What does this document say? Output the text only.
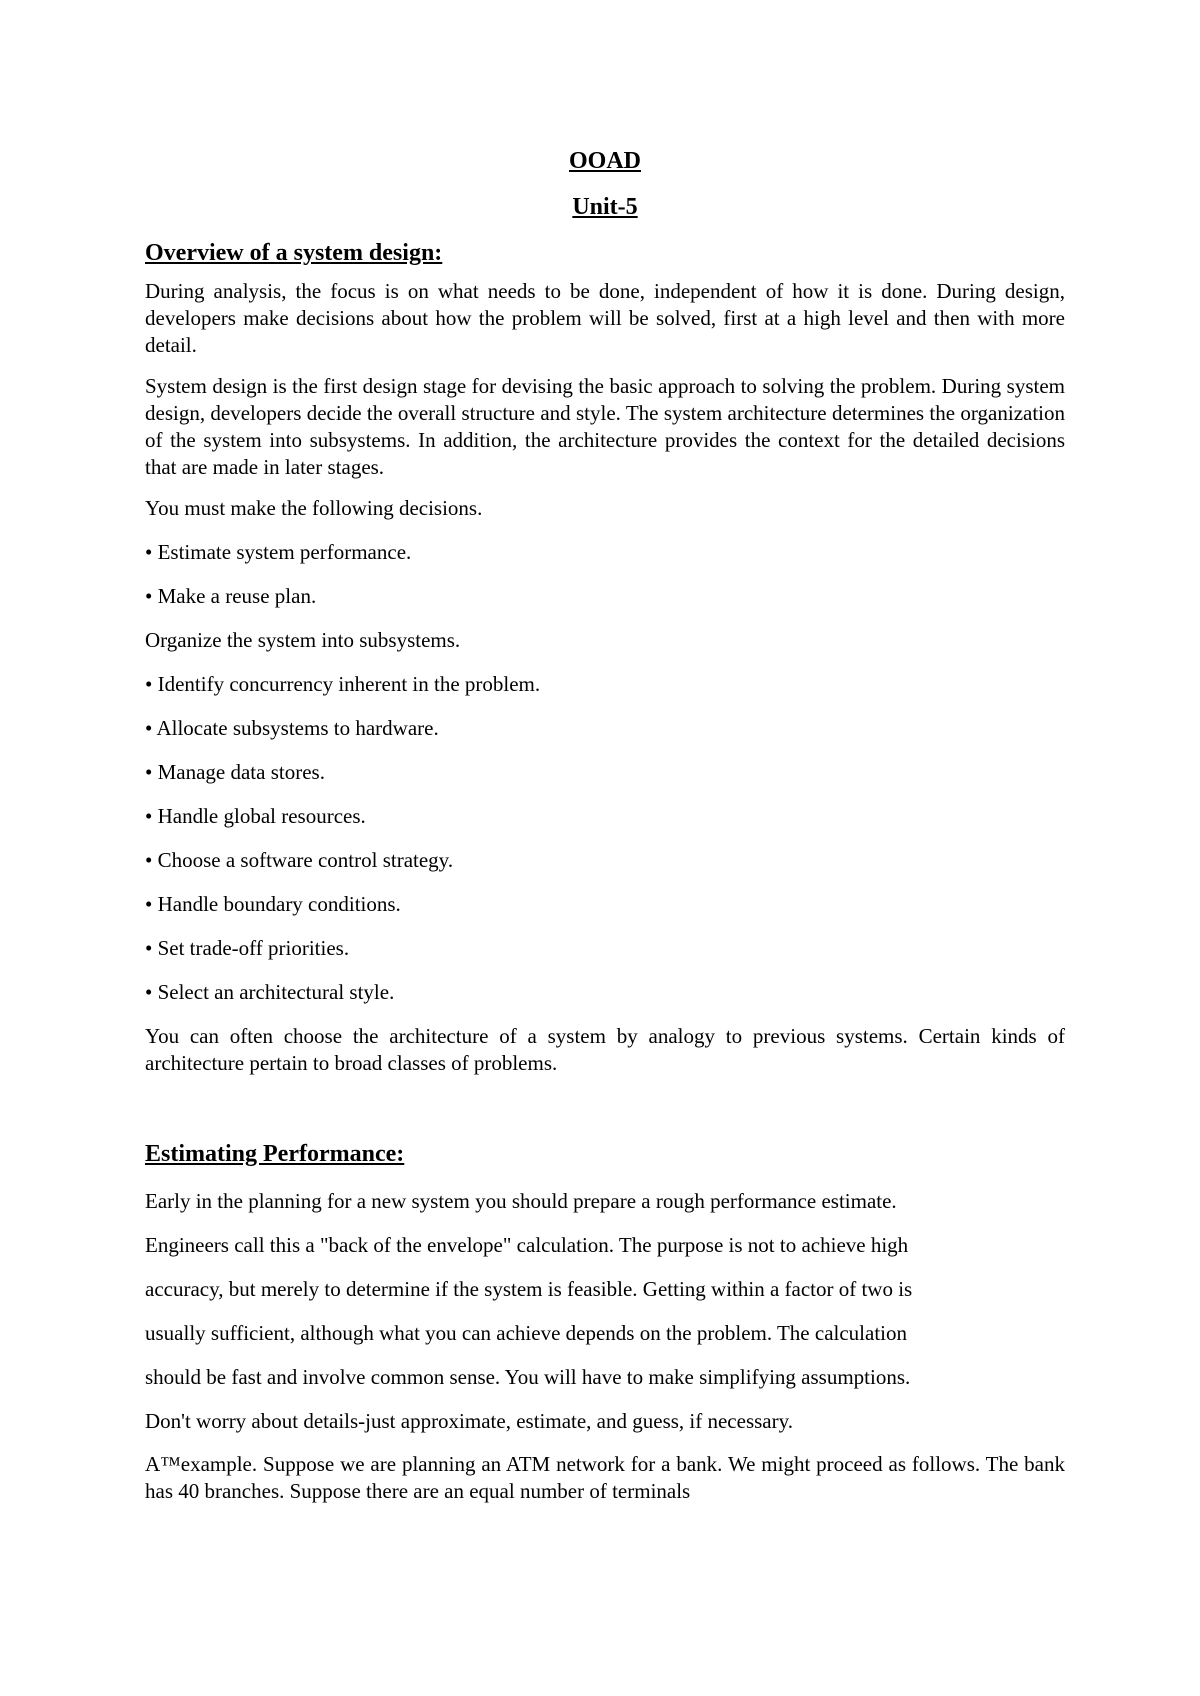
OOAD

Unit-5

Overview of a system design:

During analysis, the focus is on what needs to be done, independent of how it is done. During design, developers make decisions about how the problem will be solved, first at a high level and then with more detail.

System design is the first design stage for devising the basic approach to solving the problem. During system design, developers decide the overall structure and style. The system architecture determines the organization of the system into subsystems. In addition, the architecture provides the context for the detailed decisions that are made in later stages.

You must make the following decisions.

• Estimate system performance.

• Make a reuse plan.

Organize the system into subsystems.

• Identify concurrency inherent in the problem.

• Allocate subsystems to hardware.

• Manage data stores.

• Handle global resources.

• Choose a software control strategy.

• Handle boundary conditions.

• Set trade-off priorities.

• Select an architectural style.

You can often choose the architecture of a system by analogy to previous systems. Certain kinds of architecture pertain to broad classes of problems.

Estimating Performance:

Early in the planning for a new system you should prepare a rough performance estimate.

Engineers call this a "back of the envelope" calculation. The purpose is not to achieve high

accuracy, but merely to determine if the system is feasible. Getting within a factor of two is

usually sufficient, although what you can achieve depends on the problem. The calculation

should be fast and involve common sense. You will have to make simplifying assumptions.

Don't worry about details-just approximate, estimate, and guess, if necessary.

A™example. Suppose we are planning an ATM network for a bank. We might proceed as follows. The bank has 40 branches. Suppose there are an equal number of terminals
